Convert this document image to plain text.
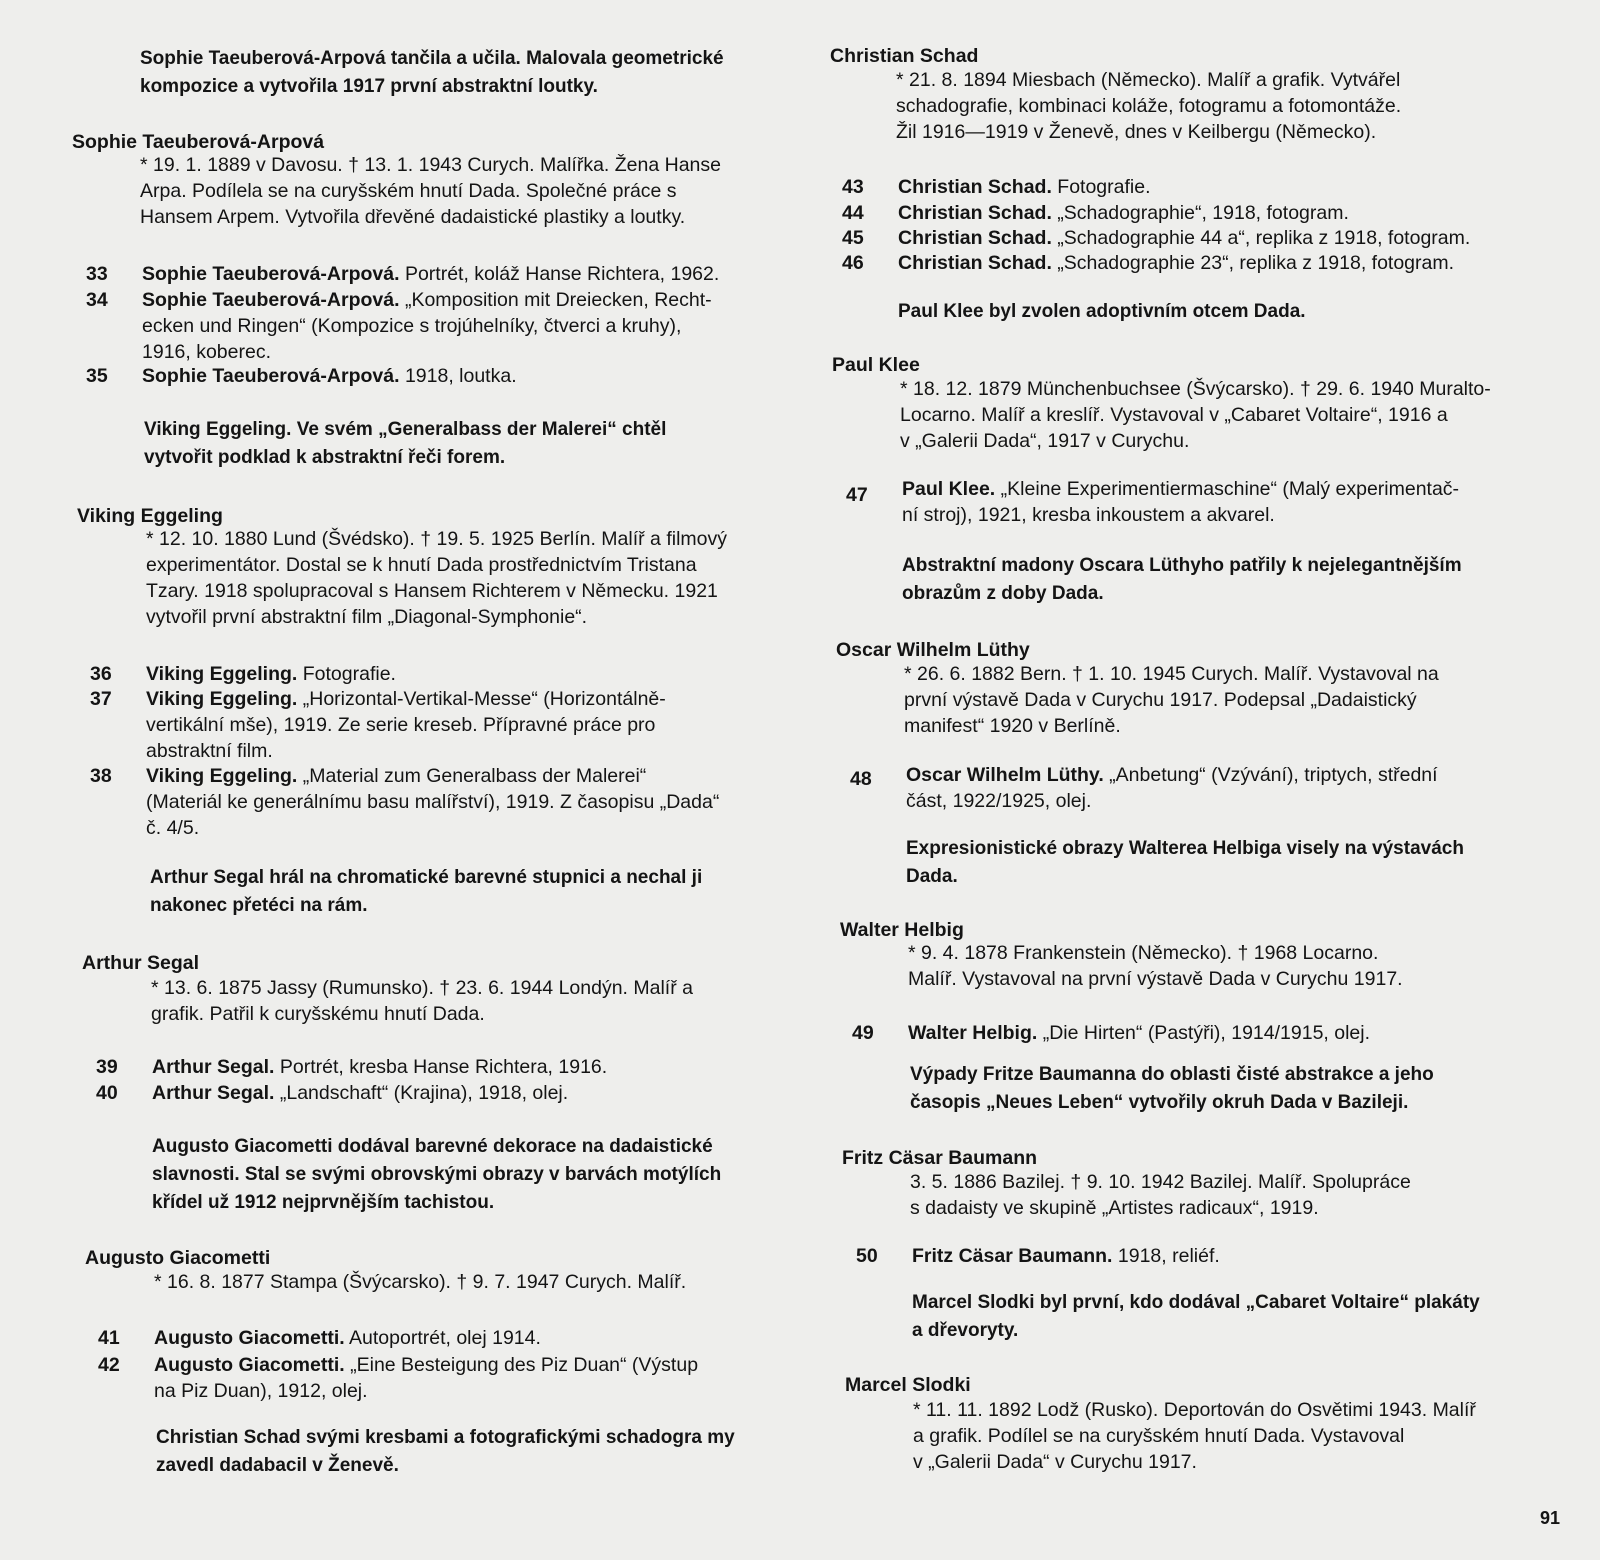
Sophie Taeuberová-Arpová tančila a učila. Malovala geometrické
kompozice a vytvořila 1917 první abstraktní loutky.
Sophie Taeuberová-Arpová
* 19. 1. 1889 v Davosu. † 13. 1. 1943 Curych. Malířka. Žena Hanse
Arpa. Podílela se na curyšském hnutí Dada. Společné práce s
Hansem Arpem. Vytvořila dřevěné dadaistické plastiky a loutky.
33 Sophie Taeuberová-Arpová. Portrét, koláž Hanse Richtera, 1962.
34 Sophie Taeuberová-Arpová. „Komposition mit Dreiecken, Recht-
ecken und Ringen“ (Kompozice s trojúhelníky, čtverci a kruhy),
1916, koberec.
35 Sophie Taeuberová-Arpová. 1918, loutka.
Viking Eggeling. Ve svém „Generalbass der Malerei“ chtěl
vytvořit podklad k abstraktní řeči forem.
Viking Eggeling
* 12. 10. 1880 Lund (Švédsko). † 19. 5. 1925 Berlín. Malíř a filmový
experimentátor. Dostal se k hnutí Dada prostřednictvím Tristana
Tzary. 1918 spolupracoval s Hansem Richterem v Německu. 1921
vytvořil první abstraktní film „Diagonal-Symphonie“.
36 Viking Eggeling. Fotografie.
37 Viking Eggeling. „Horizontal-Vertikal-Messe“ (Horizontálně-
vertikální mše), 1919. Ze serie kreseb. Přípravné práce pro
abstraktní film.
38 Viking Eggeling. „Material zum Generalbass der Malerei“
(Materiál ke generálnímu basu malířství), 1919. Z časopisu „Dada“
č. 4/5.
Arthur Segal hrál na chromatické barevné stupnici a nechal ji
nakonec přetéci na rám.
Arthur Segal
* 13. 6. 1875 Jassy (Rumunsko). † 23. 6. 1944 Londýn. Malíř a
grafik. Patřil k curyšskému hnutí Dada.
39 Arthur Segal. Portrét, kresba Hanse Richtera, 1916.
40 Arthur Segal. „Landschaft“ (Krajina), 1918, olej.
Augusto Giacometti dodával barevné dekorace na dadaistické
slavnosti. Stal se svými obrovskými obrazy v barvách motýlích
křídel už 1912 nejprvnějším tachistou.
Augusto Giacometti
* 16. 8. 1877 Stampa (Švýcarsko). † 9. 7. 1947 Curych. Malíř.
41 Augusto Giacometti. Autoportrét, olej 1914.
42 Augusto Giacometti. „Eine Besteigung des Piz Duan“ (Výstup
na Piz Duan), 1912, olej.
Christian Schad svými kresbami a fotografickými schadogra my
zavedl dadabacil v Ženevě.
Christian Schad
* 21. 8. 1894 Miesbach (Německo). Malíř a grafik. Vytvářel
schadografie, kombinaci koláže, fotogramu a fotomontáže.
Žil 1916—1919 v Ženevě, dnes v Keilbergu (Německo).
43 Christian Schad. Fotografie.
44 Christian Schad. „Schadographie“, 1918, fotogram.
45 Christian Schad. „Schadographie 44 a“, replika z 1918, fotogram.
46 Christian Schad. „Schadographie 23“, replika z 1918, fotogram.
Paul Klee byl zvolen adoptivním otcem Dada.
Paul Klee
* 18. 12. 1879 Münchenbuchsee (Švýcarsko). † 29. 6. 1940 Muralto-
Locarno. Malíř a kreslíř. Vystavoval v „Cabaret Voltaire“, 1916 a
v „Galerii Dada“, 1917 v Curychu.
47 Paul Klee. „Kleine Experimentiermaschine“ (Malý experimentač-
ní stroj), 1921, kresba inkoustem a akvarel.
Abstraktní madony Oscara Lüthyho patřily k nejelegantnějším
obrazům z doby Dada.
Oscar Wilhelm Lüthy
* 26. 6. 1882 Bern. † 1. 10. 1945 Curych. Malíř. Vystavoval na
první výstavě Dada v Curychu 1917. Podepsal „Dadaistický
manifest“ 1920 v Berlíně.
48 Oscar Wilhelm Lüthy. „Anbetung“ (Vzývání), triptych, střední
část, 1922/1925, olej.
Expresionistické obrazy Walterea Helbiga visely na výstavách
Dada.
Walter Helbig
* 9. 4. 1878 Frankenstein (Německo). † 1968 Locarno.
Malíř. Vystavoval na první výstavě Dada v Curychu 1917.
49 Walter Helbig. „Die Hirten“ (Pastýři), 1914/1915, olej.
Výpady Fritze Baumanna do oblasti čisté abstrakce a jeho
časopis „Neues Leben“ vytvořily okruh Dada v Bazileji.
Fritz Cäsar Baumann
3. 5. 1886 Bazilej. † 9. 10. 1942 Bazilej. Malíř. Spolupráce
s dadaisty ve skupině „Artistes radicaux“, 1919.
50 Fritz Cäsar Baumann. 1918, reliéf.
Marcel Slodki byl první, kdo dodával „Cabaret Voltaire“ plakáty
a dřevoryty.
Marcel Slodki
* 11. 11. 1892 Lodž (Rusko). Deportován do Osvětimi 1943. Malíř
a grafik. Podílel se na curyšském hnutí Dada. Vystavoval
v „Galerii Dada“ v Curychu 1917.
91
